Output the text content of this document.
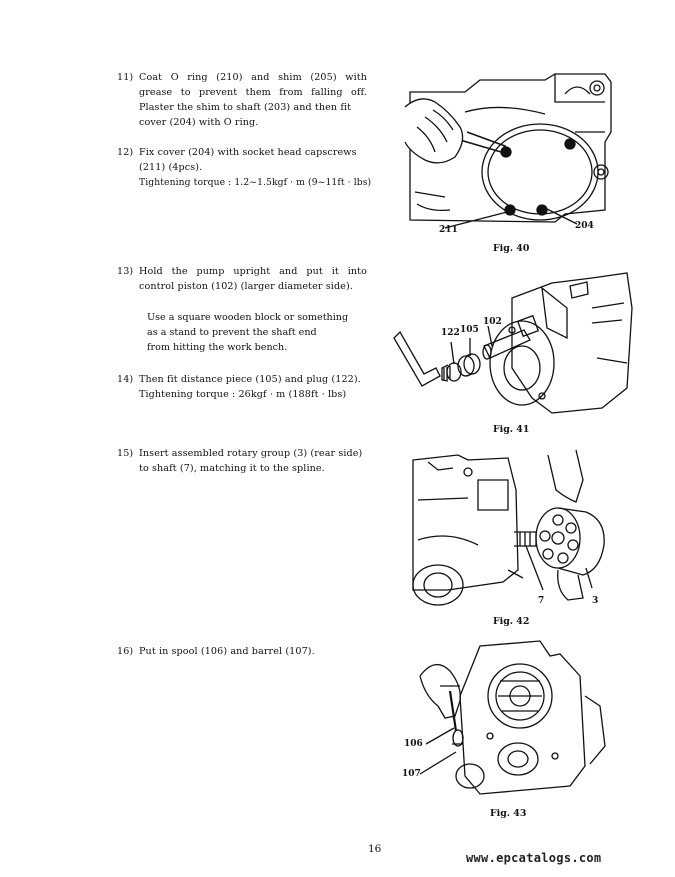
11) Coat O ring (210) and shim (205) with
grease to prevent them from falling off.
Plaster the shim to shaft (203) and then fit
cover (204) with O ring.
12) Fix cover (204) with socket head capscrews
(211) (4pcs).
Tightening torque : 1.2~1.5kgf · m (9~11ft · lbs)
13) Hold the pump upright and put it into
control piston (102) (larger diameter side).
Use a square wooden block or something
as a stand to prevent the shaft end
from hitting the work bench.
14) Then fit distance piece (105) and plug (122).
Tightening torque : 26kgf · m (188ft · lbs)
15) Insert assembled rotary group (3) (rear side)
to shaft (7), matching it to the spline.
16) Put in spool (106) and barrel (107).
211	204
Fig. 40
122 105
102
Fig. 41
7	3
Fig. 42
106
107
Fig. 43
16
www.epcatalogs.com
